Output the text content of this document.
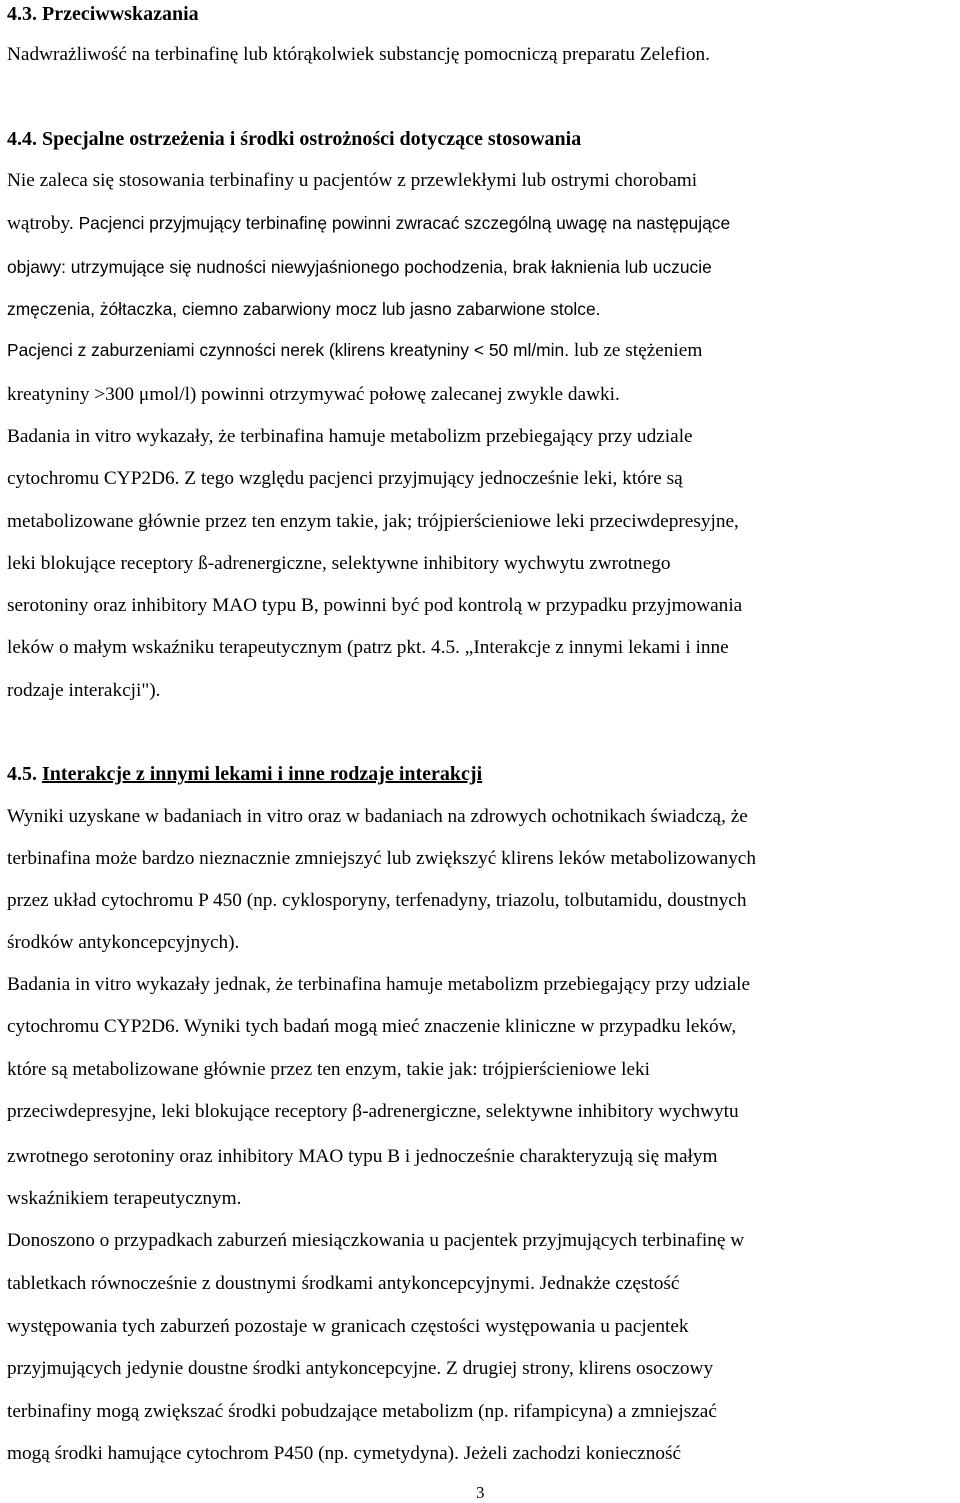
4.3. Przeciwwskazania
Nadwrażliwość na terbinafinę lub którąkolwiek substancję pomocniczą preparatu Zelefion.
4.4. Specjalne ostrzeżenia i środki ostrożności dotyczące stosowania
Nie zaleca się stosowania terbinafiny u pacjentów z przewlekłymi lub ostrymi chorobami
wątroby. Pacjenci przyjmujący terbinafinę powinni zwracać szczególną uwagę na następujące
objawy: utrzymujące się nudności niewyjaśnionego pochodzenia, brak łaknienia lub uczucie
zmęczenia, żółtaczka, ciemno zabarwiony mocz lub jasno zabarwione stolce.
Pacjenci z zaburzeniami czynności nerek (klirens kreatyniny < 50 ml/min. lub ze stężeniem
kreatyniny >300 μmol/l) powinni otrzymywać połowę zalecanej zwykle dawki.
Badania in vitro wykazały, że terbinafina hamuje metabolizm przebiegający przy udziale
cytochromu CYP2D6. Z tego względu pacjenci przyjmujący jednocześnie leki, które są
metabolizowane głównie przez ten enzym takie, jak; trójpierścieniowe leki przeciwdepresyjne,
leki blokujące receptory ß-adrenergiczne, selektywne inhibitory wychwytu zwrotnego
serotoniny oraz inhibitory MAO typu B, powinni być pod kontrolą w przypadku przyjmowania
leków o małym wskaźniku terapeutycznym (patrz pkt. 4.5. „Interakcje z innymi lekami i inne
rodzaje interakcji").
4.5. Interakcje z innymi lekami i inne rodzaje interakcji
Wyniki uzyskane w badaniach in vitro oraz w badaniach na zdrowych ochotnikach świadczą, że
terbinafina może bardzo nieznacznie zmniejszyć lub zwiększyć klirens leków metabolizowanych
przez układ cytochromu P 450 (np. cyklosporyny, terfenadyny, triazolu, tolbutamidu, doustnych
środków antykoncepcyjnych).
Badania in vitro wykazały jednak, że terbinafina hamuje metabolizm przebiegający przy udziale
cytochromu CYP2D6. Wyniki tych badań mogą mieć znaczenie kliniczne w przypadku leków,
które są metabolizowane głównie przez ten enzym, takie jak: trójpierścieniowe leki
przeciwdepresyjne, leki blokujące receptory β-adrenergiczne, selektywne inhibitory wychwytu
zwrotnego serotoniny oraz inhibitory MAO typu B i jednocześnie charakteryzują się małym
wskaźnikiem terapeutycznym.
Donoszono o przypadkach zaburzeń miesiączkowania u pacjentek przyjmujących terbinafinę w
tabletkach równocześnie z doustnymi środkami antykoncepcyjnymi. Jednakże częstość
występowania tych zaburzeń pozostaje w granicach częstości występowania u pacjentek
przyjmujących jedynie doustne środki antykoncepcyjne. Z drugiej strony, klirens osoczowy
terbinafiny mogą zwiększać środki pobudzające metabolizm (np. rifampicyna) a zmniejszać
mogą środki hamujące cytochrom P450 (np. cymetydyna). Jeżeli zachodzi konieczność
3
